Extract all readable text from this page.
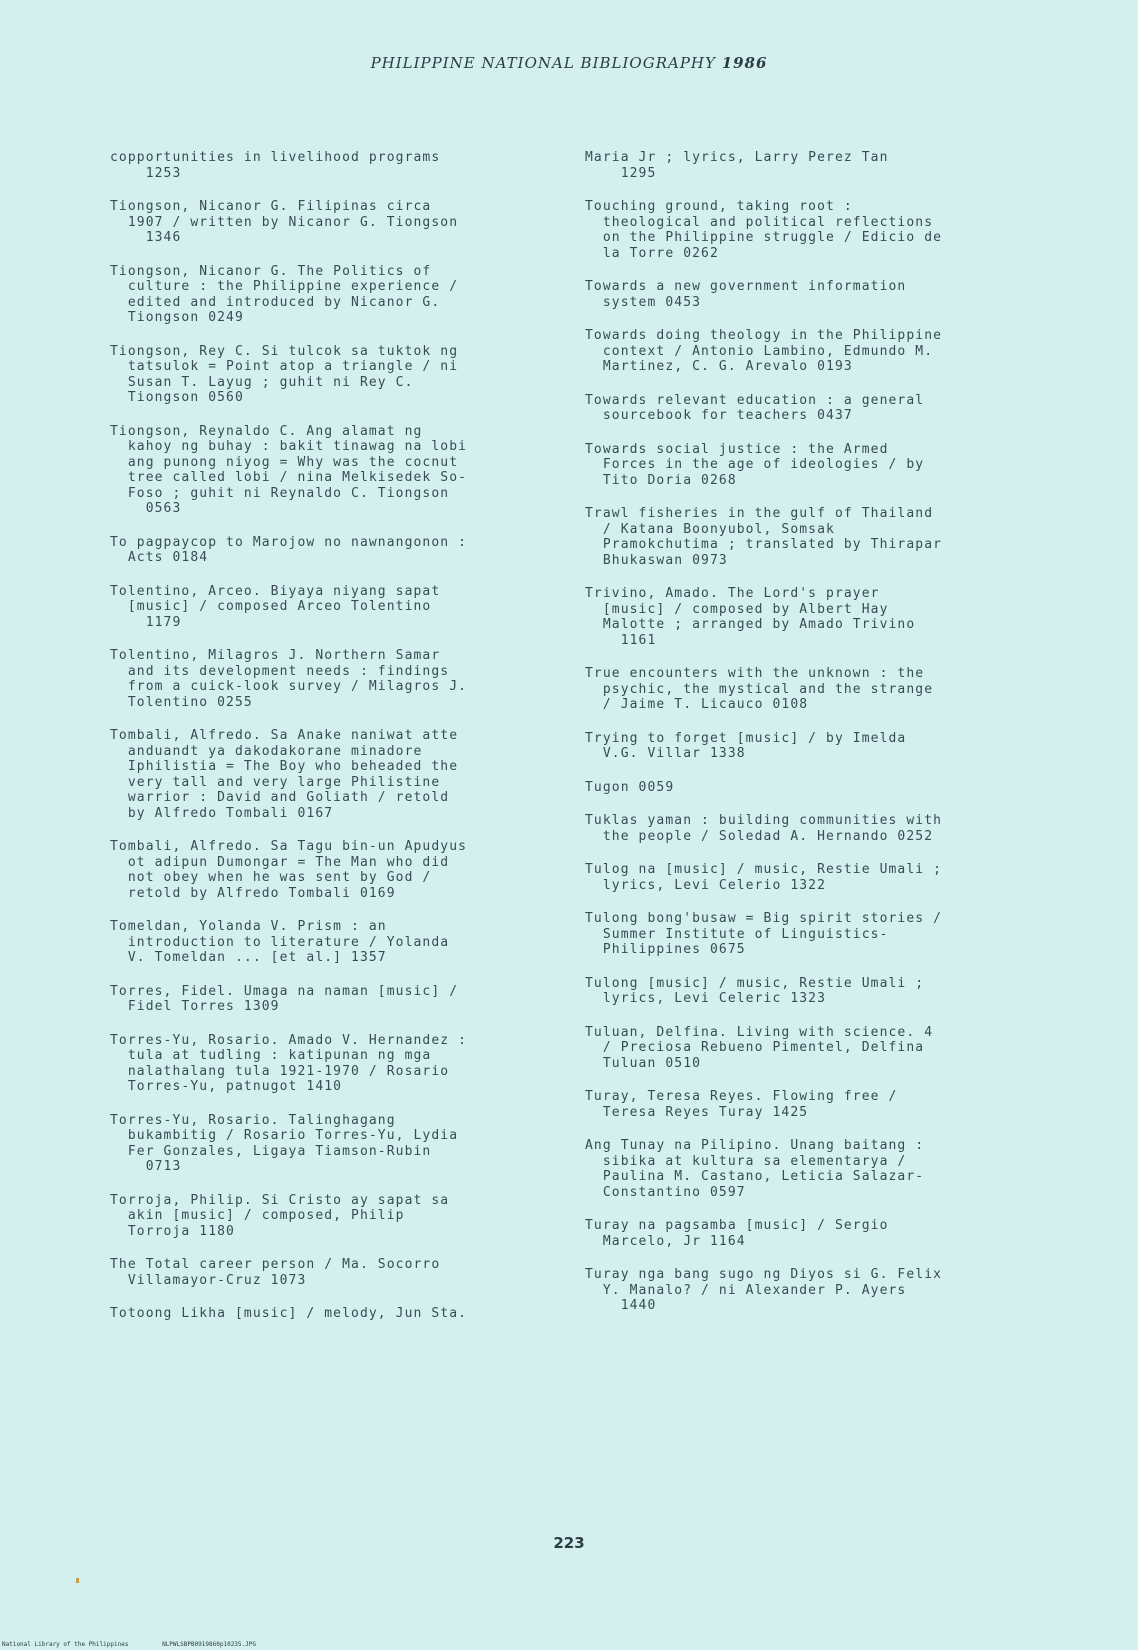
PHILIPPINE NATIONAL BIBLIOGRAPHY 1986
copportunities in livelihood programs
1253
Tiongson, Nicanor G. Filipinas circa
1907 / written by Nicanor G. Tiongson
1346
Tiongson, Nicanor G. The Politics of
culture : the Philippine experience /
edited and introduced by Nicanor G.
Tiongson 0249
Tiongson, Rey C. Si tulcok sa tuktok ng
tatsulok = Point atop a triangle / ni
Susan T. Layug ; guhit ni Rey C.
Tiongson 0560
Tiongson, Reynaldo C. Ang alamat ng
kahoy ng buhay : bakit tinawag na lobi
ang punong niyog = Why was the cocnut
tree called lobi / nina Melkisedek So-
Foso ; guhit ni Reynaldo C. Tiongson
0563
To pagpaycop to Marojow no nawnangonon :
Acts 0184
Tolentino, Arceo. Biyaya niyang sapat
[music] / composed Arceo Tolentino
1179
Tolentino, Milagros J. Northern Samar
and its development needs : findings
from a cuick-look survey / Milagros J.
Tolentino 0255
Tombali, Alfredo. Sa Anake naniwat atte
anduandt ya dakodakorane minadore
Iphilistia = The Boy who beheaded the
very tall and very large Philistine
warrior : David and Goliath / retold
by Alfredo Tombali 0167
Tombali, Alfredo. Sa Tagu bin-un Apudyus
ot adipun Dumongar = The Man who did
not obey when he was sent by God /
retold by Alfredo Tombali 0169
Tomeldan, Yolanda V. Prism : an
introduction to literature / Yolanda
V. Tomeldan ... [et al.] 1357
Torres, Fidel. Umaga na naman [music] /
Fidel Torres 1309
Torres-Yu, Rosario. Amado V. Hernandez :
tula at tudling : katipunan ng mga
nalathalang tula 1921-1970 / Rosario
Torres-Yu, patnugot 1410
Torres-Yu, Rosario. Talinghagang
bukambitig / Rosario Torres-Yu, Lydia
Fer Gonzales, Ligaya Tiamson-Rubin
0713
Torroja, Philip. Si Cristo ay sapat sa
akin [music] / composed, Philip
Torroja 1180
The Total career person / Ma. Socorro
Villamayor-Cruz 1073
Totoong Likha [music] / melody, Jun Sta.
Maria Jr ; lyrics, Larry Perez Tan
1295
Touching ground, taking root :
theological and political reflections
on the Philippine struggle / Edicio de
la Torre 0262
Towards a new government information
system 0453
Towards doing theology in the Philippine
context / Antonio Lambino, Edmundo M.
Martinez, C. G. Arevalo 0193
Towards relevant education : a general
sourcebook for teachers 0437
Towards social justice : the Armed
Forces in the age of ideologies / by
Tito Doria 0268
Trawl fisheries in the gulf of Thailand
/ Katana Boonyubol, Somsak
Pramokchutima ; translated by Thirapar
Bhukaswan 0973
Trivino, Amado. The Lord's prayer
[music] / composed by Albert Hay
Malotte ; arranged by Amado Trivino
1161
True encounters with the unknown : the
psychic, the mystical and the strange
/ Jaime T. Licauco 0108
Trying to forget [music] / by Imelda
V.G. Villar 1338
Tugon 0059
Tuklas yaman : building communities with
the people / Soledad A. Hernando 0252
Tulog na [music] / music, Restie Umali ;
lyrics, Levi Celerio 1322
Tulong bong'busaw = Big spirit stories /
Summer Institute of Linguistics-
Philippines 0675
Tulong [music] / music, Restie Umali ;
lyrics, Levi Celeric 1323
Tuluan, Delfina. Living with science. 4
/ Preciosa Rebueno Pimentel, Delfina
Tuluan 0510
Turay, Teresa Reyes. Flowing free /
Teresa Reyes Turay 1425
Ang Tunay na Pilipino. Unang baitang :
sibika at kultura sa elementarya /
Paulina M. Castano, Leticia Salazar-
Constantino 0597
Turay na pagsamba [music] / Sergio
Marcelo, Jr 1164
Turay nga bang sugo ng Diyos si G. Felix
Y. Manalo? / ni Alexander P. Ayers
1440
223
National Library of the Philippines	NLPWLSBPB0919860p10235.JPG
